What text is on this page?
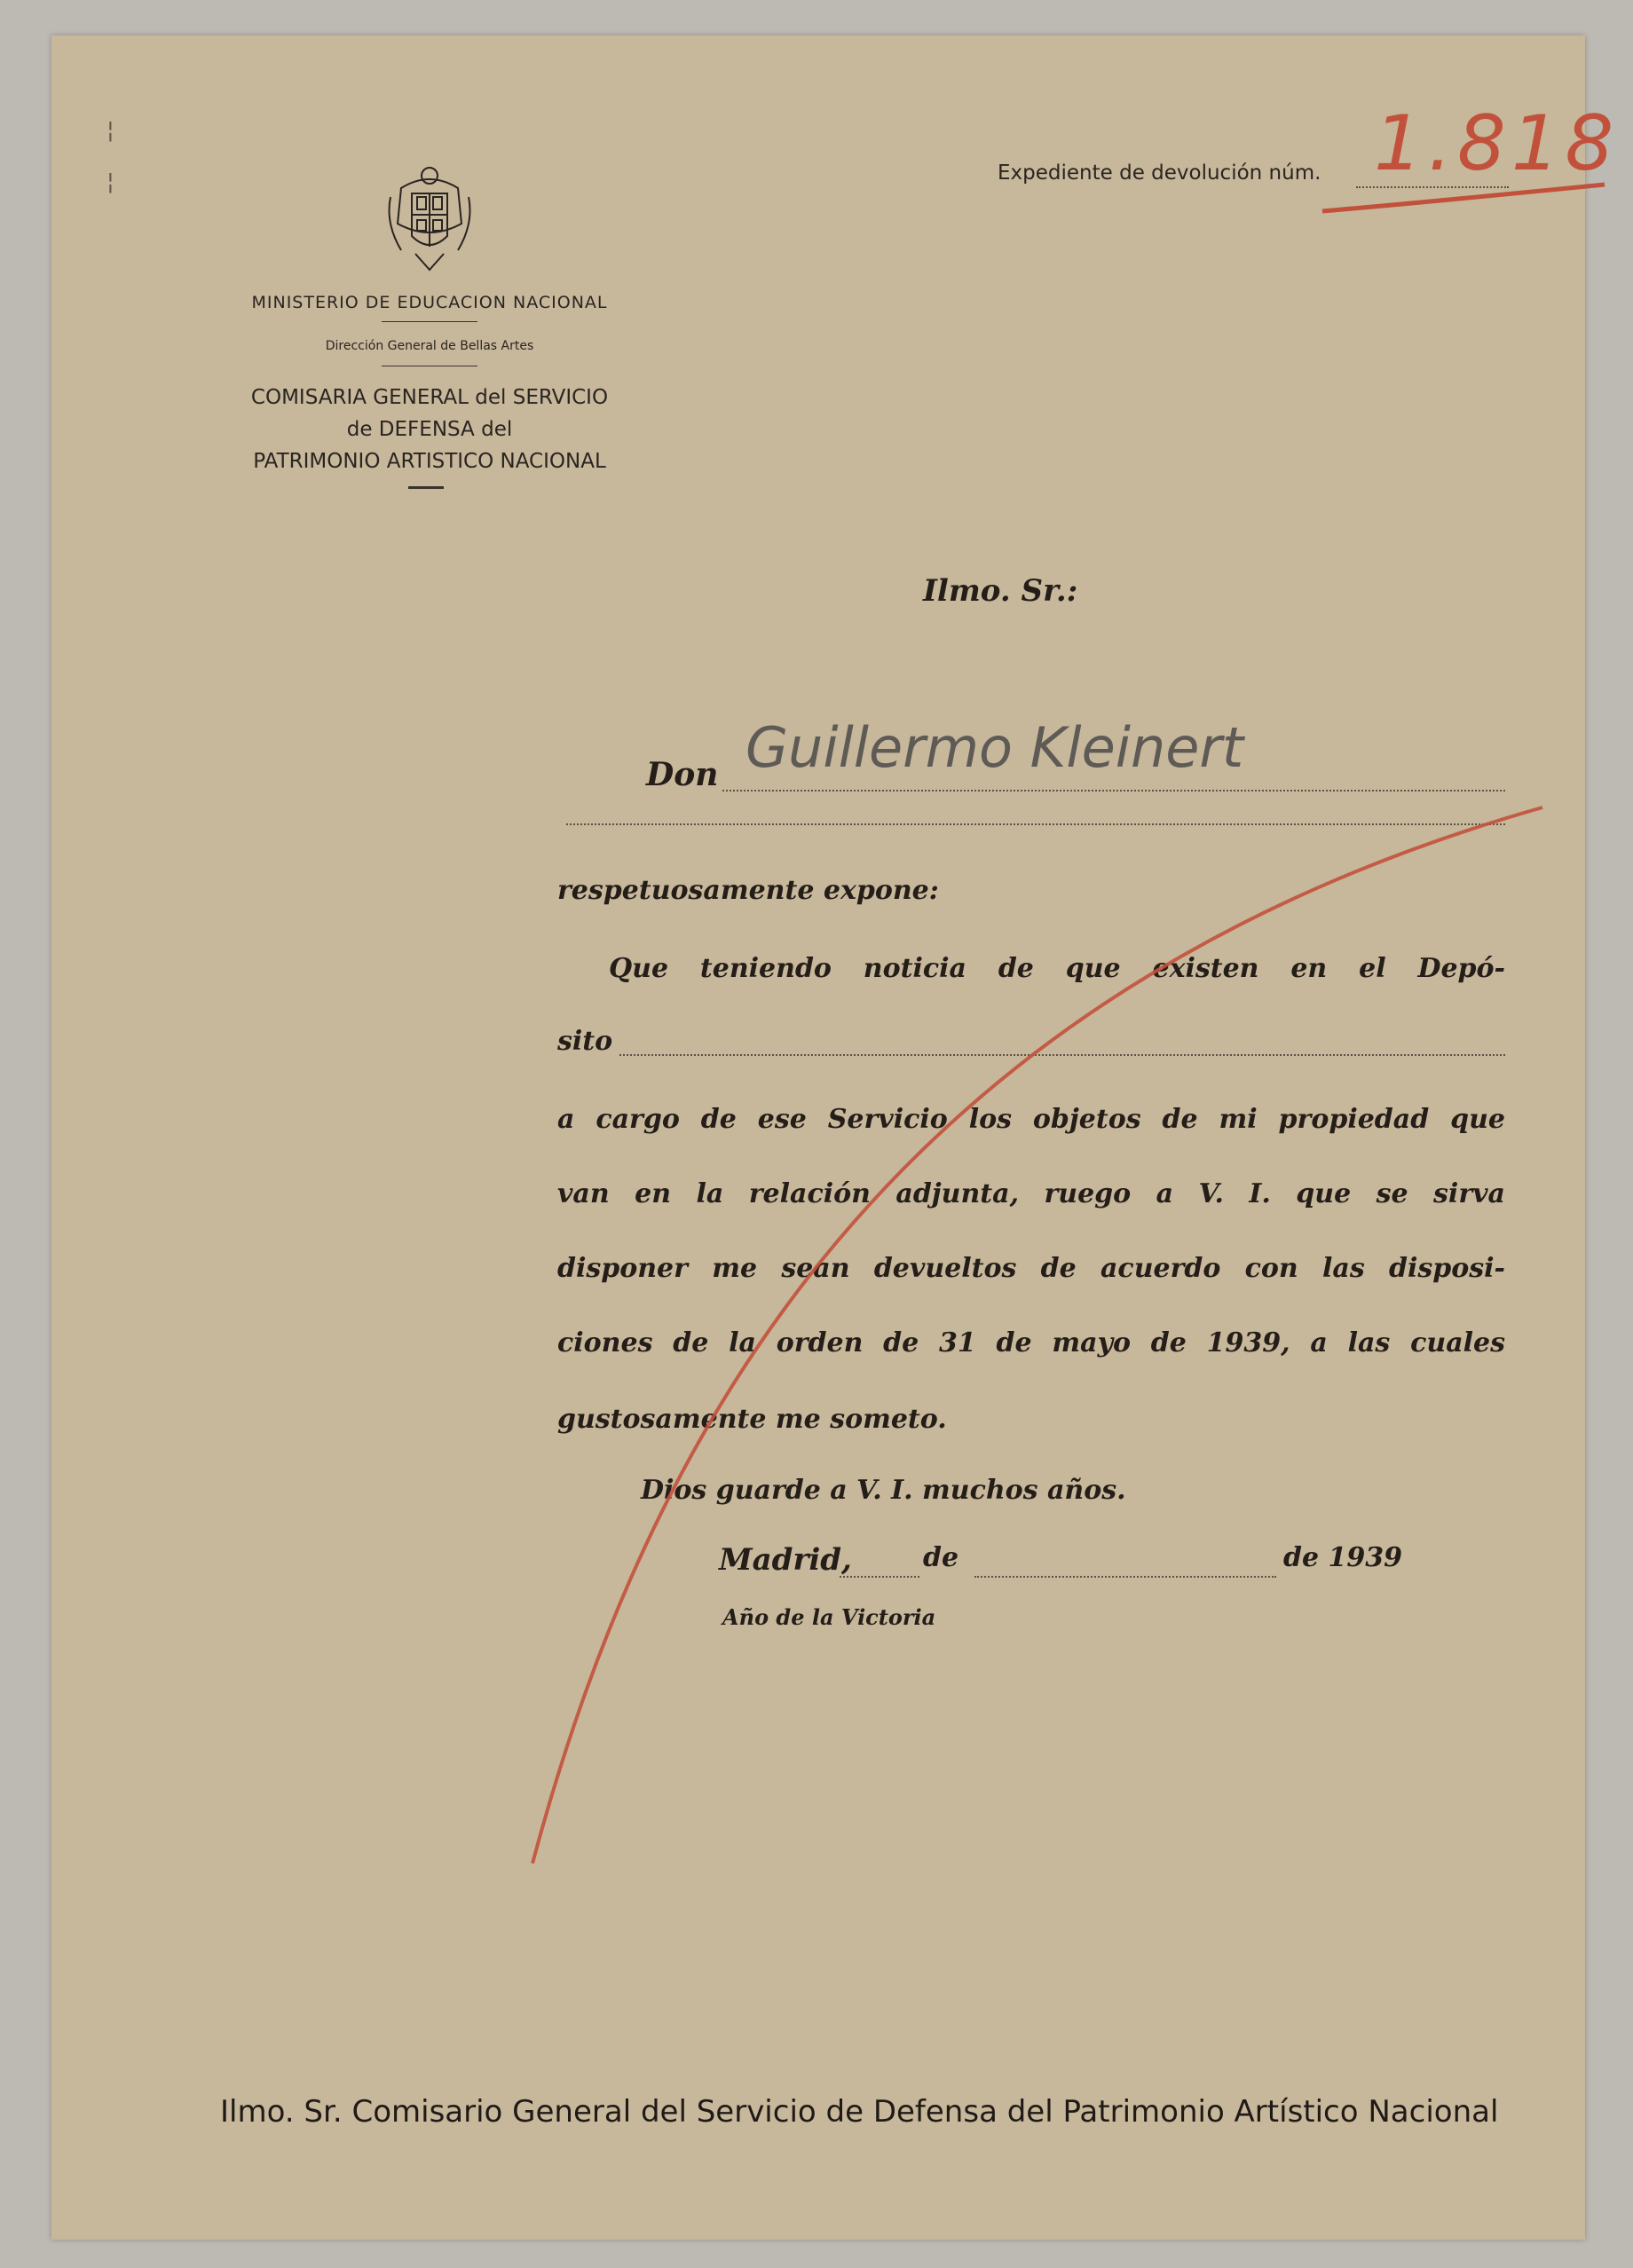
¦
¦
MINISTERIO DE EDUCACION NACIONAL
Dirección General de Bellas Artes
COMISARIA GENERAL del SERVICIO
de DEFENSA del
PATRIMONIO ARTISTICO NACIONAL
Expediente de devolución núm. 1.818
Ilmo. Sr.:
Don Guillermo Kleinert
respetuosamente expone:
Que teniendo noticia de que existen en el Depó-
sito
a cargo de ese Servicio los objetos de mi propiedad que
van en la relación adjunta, ruego a V. I. que se sirva
disponer me sean devueltos de acuerdo con las disposi-
ciones de la orden de 31 de mayo de 1939, a las cuales
gustosamente me someto.
Dios guarde a V. I. muchos años.
Madrid,	de	de 1939
Año de la Victoria
Ilmo. Sr. Comisario General del Servicio de Defensa del Patrimonio Artístico Nacional
